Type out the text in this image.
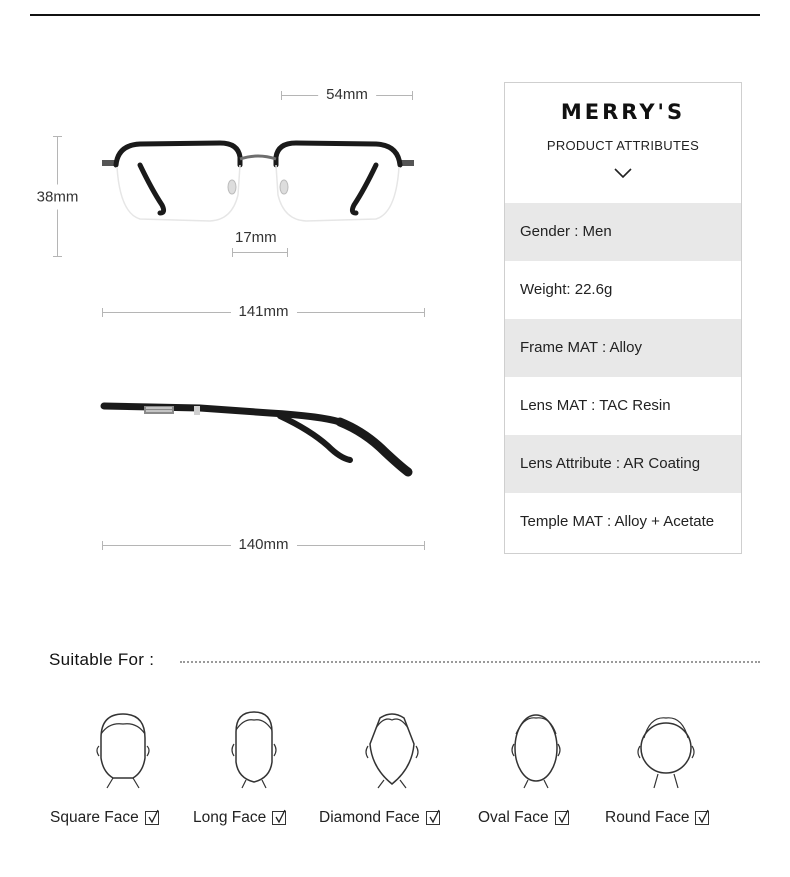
54mm
38mm
17mm
141mm
140mm
MERRY'S
PRODUCT ATTRIBUTES
Gender : Men
Weight: 22.6g
Frame MAT : Alloy
Lens MAT : TAC Resin
Lens Attribute : AR Coating
Temple MAT : Alloy + Acetate
Suitable For :
Square Face	Long Face	Diamond Face	Oval Face	Round Face
